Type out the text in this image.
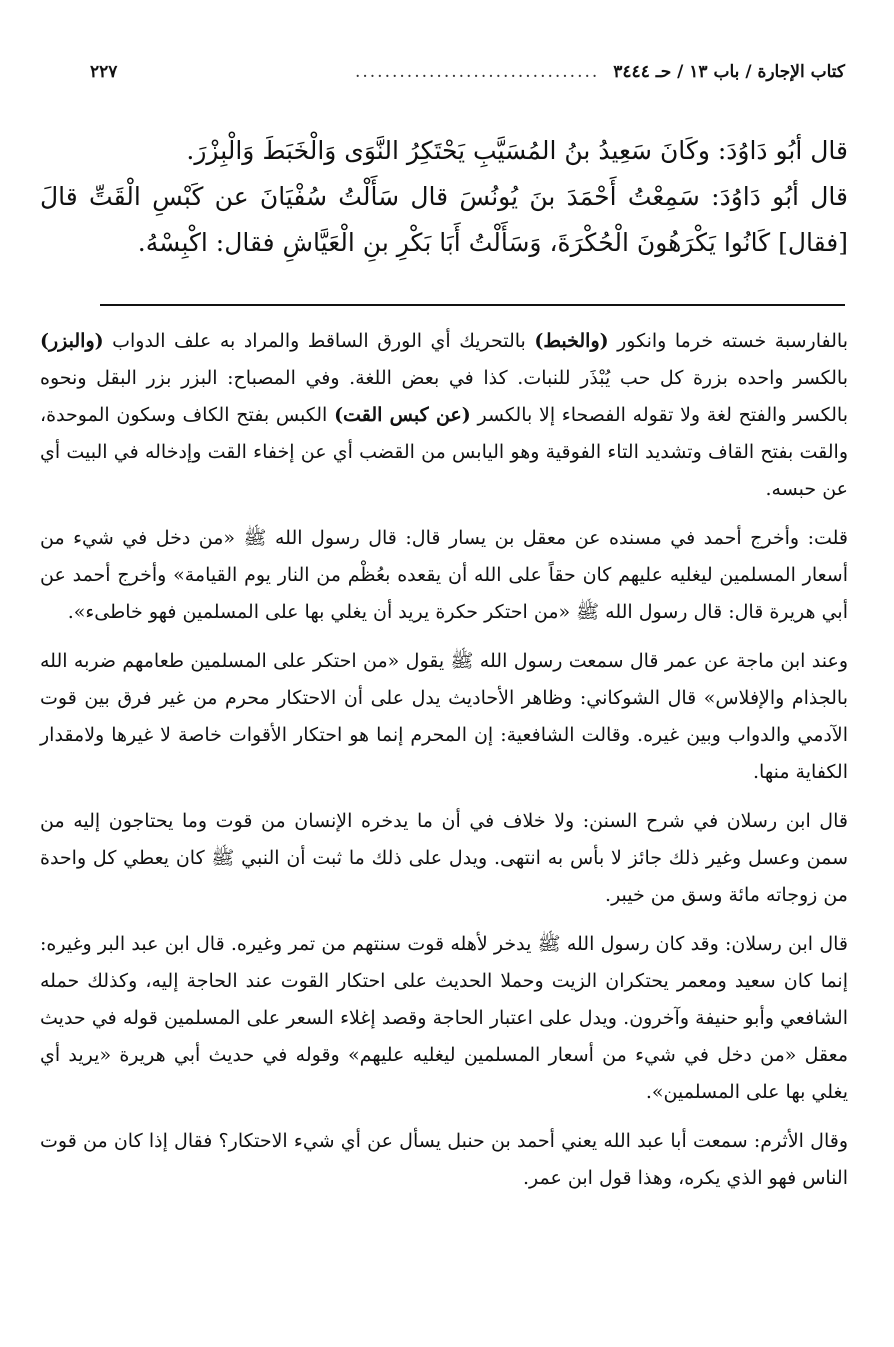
كتاب الإجارة / باب ١٣ / حـ ٣٤٤٤
.................................
٢٢٧

قال أبُو دَاوُدَ: وكَانَ سَعِيدُ بنُ المُسَيَّبِ يَحْتَكِرُ النَّوَى وَالْخَبَطَ وَالْبِزْرَ.

قال أبُو دَاوُدَ: سَمِعْتُ أَحْمَدَ بنَ يُونُسَ قال سَأَلْتُ سُفْيَانَ عن كَبْسِ الْقَتِّ قالَ [فقال] كَانُوا يَكْرَهُونَ الْحُكْرَةَ، وَسَأَلْتُ أَبَا بَكْرِ بنِ الْعَيَّاشِ فقال: اكْبِسْهُ.

بالفارسبة خسته خرما وانكور (والخبط) بالتحريك أي الورق الساقط والمراد به علف الدواب (والبزر) بالكسر واحده بزرة كل حب يُبْذَر للنبات. كذا في بعض اللغة. وفي المصباح: البزر بزر البقل ونحوه بالكسر والفتح لغة ولا تقوله الفصحاء إلا بالكسر (عن كبس القت) الكبس بفتح الكاف وسكون الموحدة، والقت بفتح القاف وتشديد التاء الفوقية وهو اليابس من القضب أي عن إخفاء القت وإدخاله في البيت أي عن حبسه.

قلت: وأخرج أحمد في مسنده عن معقل بن يسار قال: قال رسول الله ﷺ «من دخل في شيء من أسعار المسلمين ليغليه عليهم كان حقاً على الله أن يقعده بعُظْم من النار يوم القيامة» وأخرج أحمد عن أبي هريرة قال: قال رسول الله ﷺ «من احتكر حكرة يريد أن يغلي بها على المسلمين فهو خاطىء».

وعند ابن ماجة عن عمر قال سمعت رسول الله ﷺ يقول «من احتكر على المسلمين طعامهم ضربه الله بالجذام والإفلاس» قال الشوكاني: وظاهر الأحاديث يدل على أن الاحتكار محرم من غير فرق بين قوت الآدمي والدواب وبين غيره. وقالت الشافعية: إن المحرم إنما هو احتكار الأقوات خاصة لا غيرها ولامقدار الكفاية منها.

قال ابن رسلان في شرح السنن: ولا خلاف في أن ما يدخره الإنسان من قوت وما يحتاجون إليه من سمن وعسل وغير ذلك جائز لا بأس به انتهى. ويدل على ذلك ما ثبت أن النبي ﷺ كان يعطي كل واحدة من زوجاته مائة وسق من خيبر.

قال ابن رسلان: وقد كان رسول الله ﷺ يدخر لأهله قوت سنتهم من تمر وغيره. قال ابن عبد البر وغيره: إنما كان سعيد ومعمر يحتكران الزيت وحملا الحديث على احتكار القوت عند الحاجة إليه، وكذلك حمله الشافعي وأبو حنيفة وآخرون. ويدل على اعتبار الحاجة وقصد إغلاء السعر على المسلمين قوله في حديث معقل «من دخل في شيء من أسعار المسلمين ليغليه عليهم» وقوله في حديث أبي هريرة «يريد أي يغلي بها على المسلمين».

وقال الأثرم: سمعت أبا عبد الله يعني أحمد بن حنبل يسأل عن أي شيء الاحتكار؟ فقال إذا كان من قوت الناس فهو الذي يكره، وهذا قول ابن عمر.
